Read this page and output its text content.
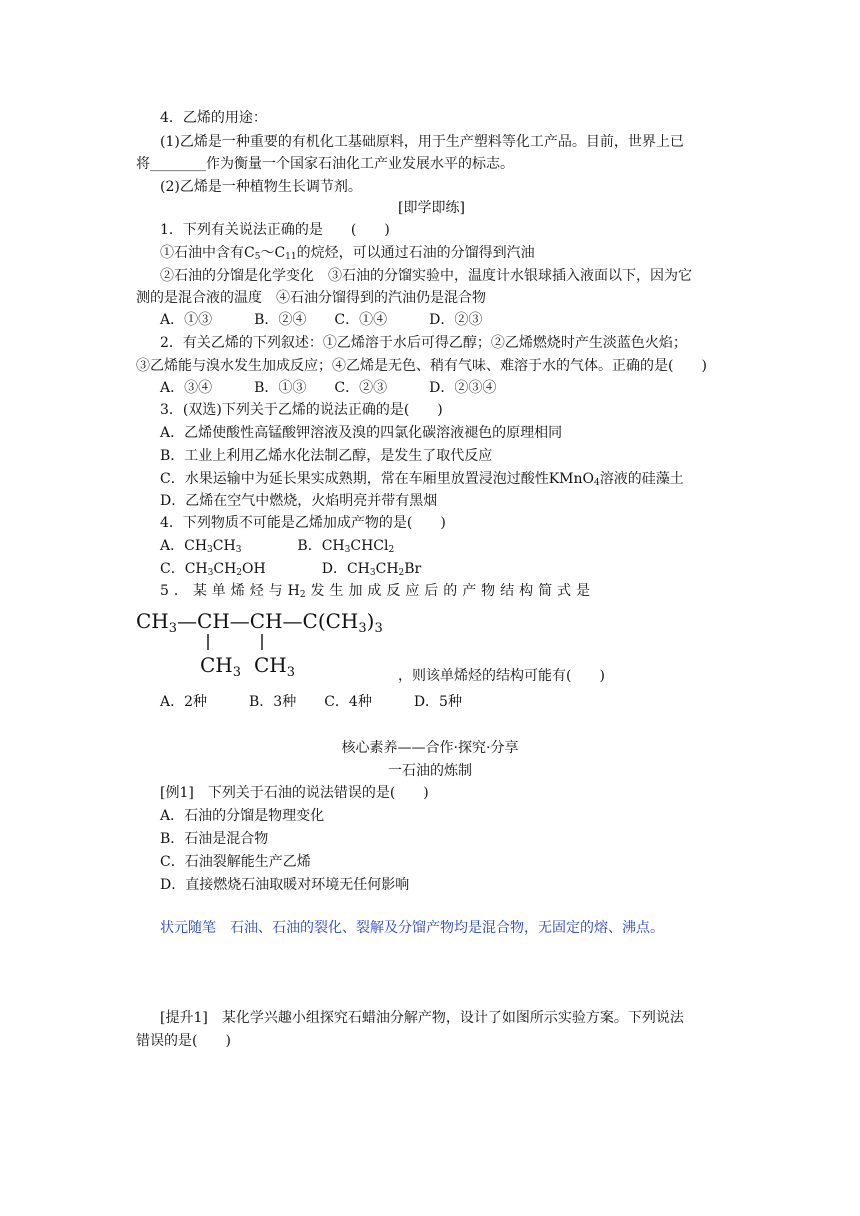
4．乙烯的用途：
(1)乙烯是一种重要的有机化工基础原料，用于生产塑料等化工产品。目前，世界上已
将________作为衡量一个国家石油化工产业发展水平的标志。
(2)乙烯是一种植物生长调节剂。
[即学即练]
1．下列有关说法正确的是　　(　　)
①石油中含有$C_5\sim C_{11}$的烷烃，可以通过石油的分馏得到汽油
②石油的分馏是化学变化　③石油的分馏实验中，温度计水银球插入液面以下，因为它
测的是混合液的温度　④石油分馏得到的汽油仍是混合物
A．①③　　　B．②④　　C．①④　　　D．②③
2．有关乙烯的下列叙述：①乙烯溶于水后可得乙醇；②乙烯燃烧时产生淡蓝色火焰；
③乙烯能与溴水发生加成反应；④乙烯是无色、稍有气味、难溶于水的气体。正确的是(　　)
A．③④　　　B．①③　　C．②③　　　D．②③④
3．(双选)下列关于乙烯的说法正确的是(　　)
A．乙烯使酸性高锰酸钾溶液及溴的四氯化碳溶液褪色的原理相同
B．工业上利用乙烯水化法制乙醇，是发生了取代反应
C．水果运输中为延长果实成熟期，常在车厢里放置浸泡过酸性KMnO$_4$溶液的硅藻土
D．乙烯在空气中燃烧，火焰明亮并带有黑烟
4．下列物质不可能是乙烯加成产物的是(　　)
A．$CH_3CH_3$　　　　B．$CH_3CHCl_2$
C．$CH_3CH_2OH$　　　　D．$CH_3CH_2Br$
5．某单烯烃与$H_2$发生加成反应后的产物结构简式是
$CH_3—CH—CH—C(CH_3)_3$
$CH_3$ $CH_3$	，则该单烯烃的结构可能有(　　)
A．2种　　　B．3种　　C．4种　　　D．5种
核心素养——合作·探究·分享
一石油的炼制
[例1]　下列关于石油的说法错误的是(　　)
A．石油的分馏是物理变化
B．石油是混合物
C．石油裂解能生产乙烯
D．直接燃烧石油取暖对环境无任何影响
状元随笔　石油、石油的裂化、裂解及分馏产物均是混合物，无固定的熔、沸点。
[提升1]　某化学兴趣小组探究石蜡油分解产物，设计了如图所示实验方案。下列说法
错误的是(　　)
